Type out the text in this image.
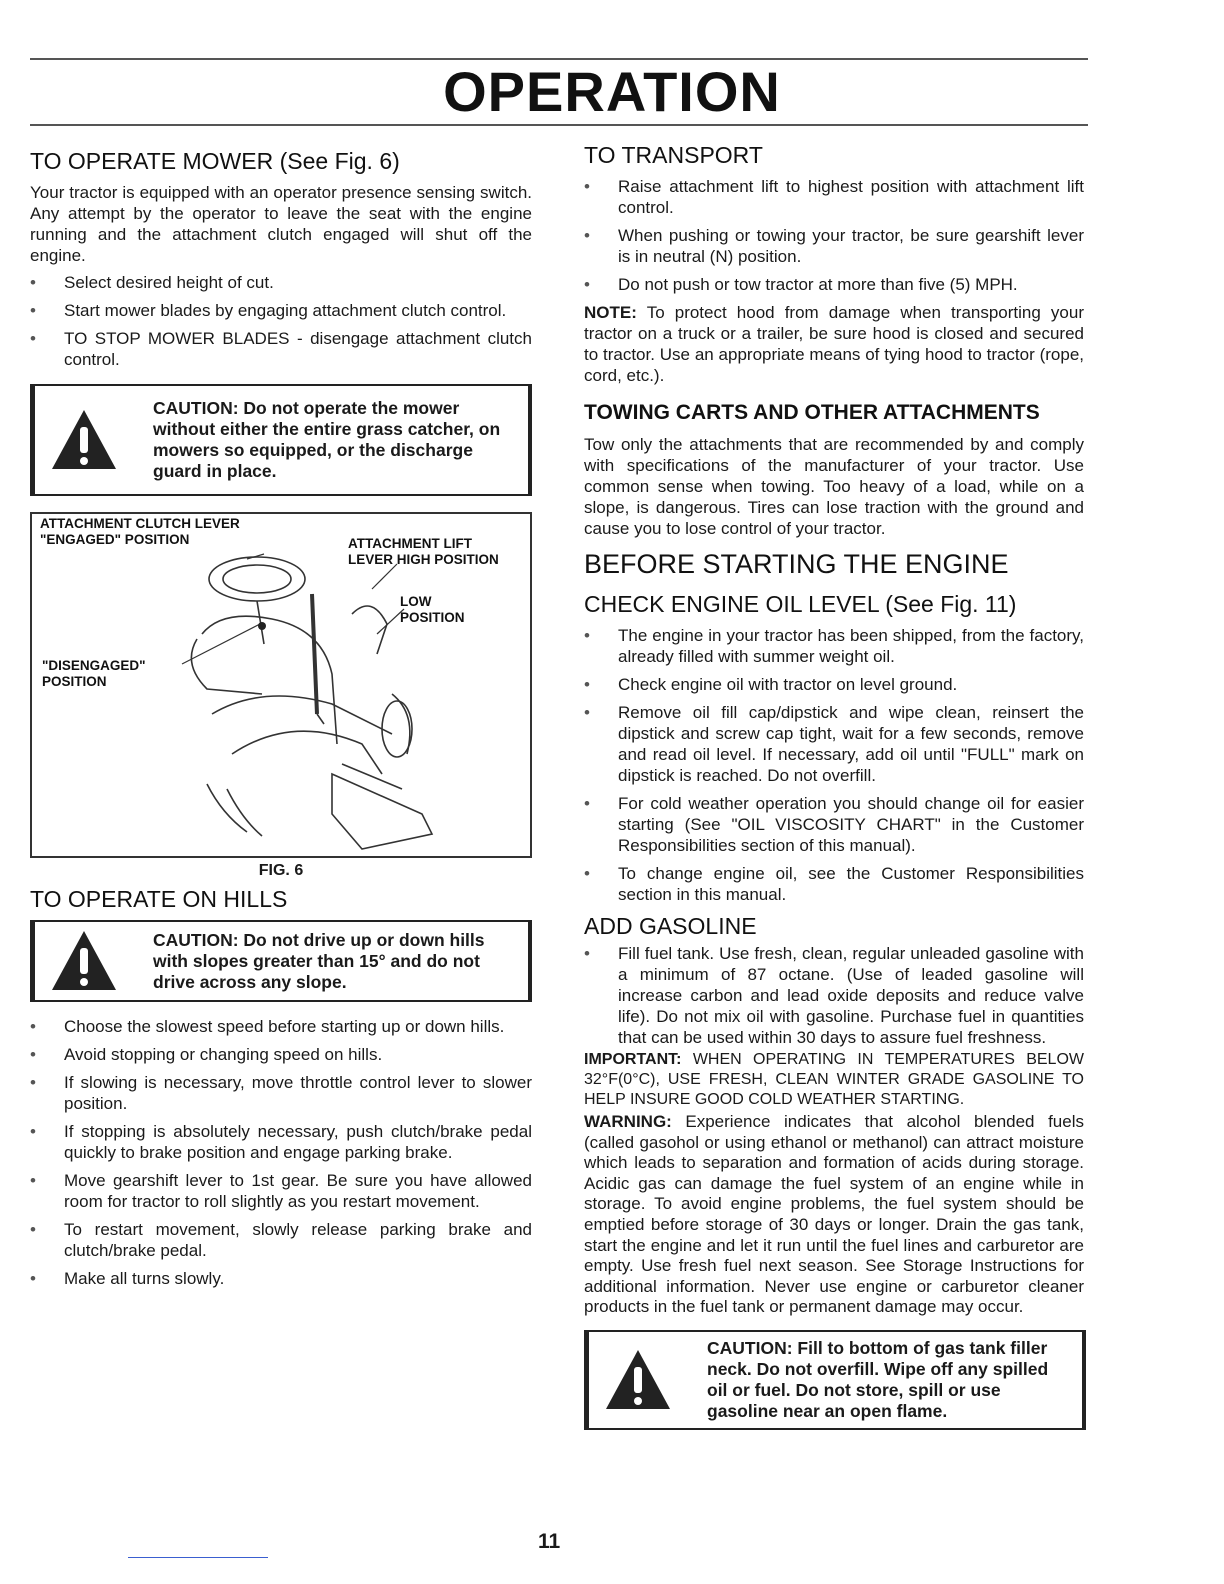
OPERATION
TO OPERATE MOWER (See Fig. 6)

Your tractor is equipped with an operator presence sensing switch. Any attempt by the operator to leave the seat with the engine running and the attachment clutch engaged will shut off the engine.

• Select desired height of cut.
• Start mower blades by engaging attachment clutch control.
• TO STOP MOWER BLADES - disengage attachment clutch control.
CAUTION: Do not operate the mower without either the entire grass catcher, on mowers so equipped, or the discharge guard in place.
ATTACHMENT CLUTCH LEVER
"ENGAGED" POSITION	ATTACHMENT LIFT
LEVER HIGH POSITION
LOW
POSITION
"DISENGAGED"
POSITION
FIG. 6
TO OPERATE ON HILLS
CAUTION: Do not drive up or down hills with slopes greater than 15° and do not drive across any slope.
• Choose the slowest speed before starting up or down hills.
• Avoid stopping or changing speed on hills.
• If slowing is necessary, move throttle control lever to slower position.
• If stopping is absolutely necessary, push clutch/brake pedal quickly to brake position and engage parking brake.
• Move gearshift lever to 1st gear. Be sure you have allowed room for tractor to roll slightly as you restart movement.
• To restart movement, slowly release parking brake and clutch/brake pedal.
• Make all turns slowly.
TO TRANSPORT
• Raise attachment lift to highest position with attachment lift control.
• When pushing or towing your tractor, be sure gearshift lever is in neutral (N) position.
• Do not push or tow tractor at more than five (5) MPH.

NOTE: To protect hood from damage when transporting your tractor on a truck or a trailer, be sure hood is closed and secured to tractor. Use an appropriate means of tying hood to tractor (rope, cord, etc.).

TOWING CARTS AND OTHER ATTACHMENTS

Tow only the attachments that are recommended by and comply with specifications of the manufacturer of your tractor. Use common sense when towing. Too heavy of a load, while on a slope, is dangerous. Tires can lose traction with the ground and cause you to lose control of your tractor.

BEFORE STARTING THE ENGINE
CHECK ENGINE OIL LEVEL (See Fig. 11)
• The engine in your tractor has been shipped, from the factory, already filled with summer weight oil.
• Check engine oil with tractor on level ground.
• Remove oil fill cap/dipstick and wipe clean, reinsert the dipstick and screw cap tight, wait for a few seconds, remove and read oil level. If necessary, add oil until "FULL" mark on dipstick is reached. Do not overfill.
• For cold weather operation you should change oil for easier starting (See "OIL VISCOSITY CHART" in the Customer Responsibilities section of this manual).
• To change engine oil, see the Customer Responsibilities section in this manual.
ADD GASOLINE
• Fill fuel tank. Use fresh, clean, regular unleaded gasoline with a minimum of 87 octane. (Use of leaded gasoline will increase carbon and lead oxide deposits and reduce valve life). Do not mix oil with gasoline. Purchase fuel in quantities that can be used within 30 days to assure fuel freshness.

IMPORTANT: WHEN OPERATING IN TEMPERATURES BELOW 32°F(0°C), USE FRESH, CLEAN WINTER GRADE GASOLINE TO HELP INSURE GOOD COLD WEATHER STARTING.

WARNING: Experience indicates that alcohol blended fuels (called gasohol or using ethanol or methanol) can attract moisture which leads to separation and formation of acids during storage. Acidic gas can damage the fuel system of an engine while in storage. To avoid engine problems, the fuel system should be emptied before storage of 30 days or longer. Drain the gas tank, start the engine and let it run until the fuel lines and carburetor are empty. Use fresh fuel next season. See Storage Instructions for additional information. Never use engine or carburetor cleaner products in the fuel tank or permanent damage may occur.

CAUTION: Fill to bottom of gas tank filler neck. Do not overfill. Wipe off any spilled oil or fuel. Do not store, spill or use gasoline near an open flame.
11
